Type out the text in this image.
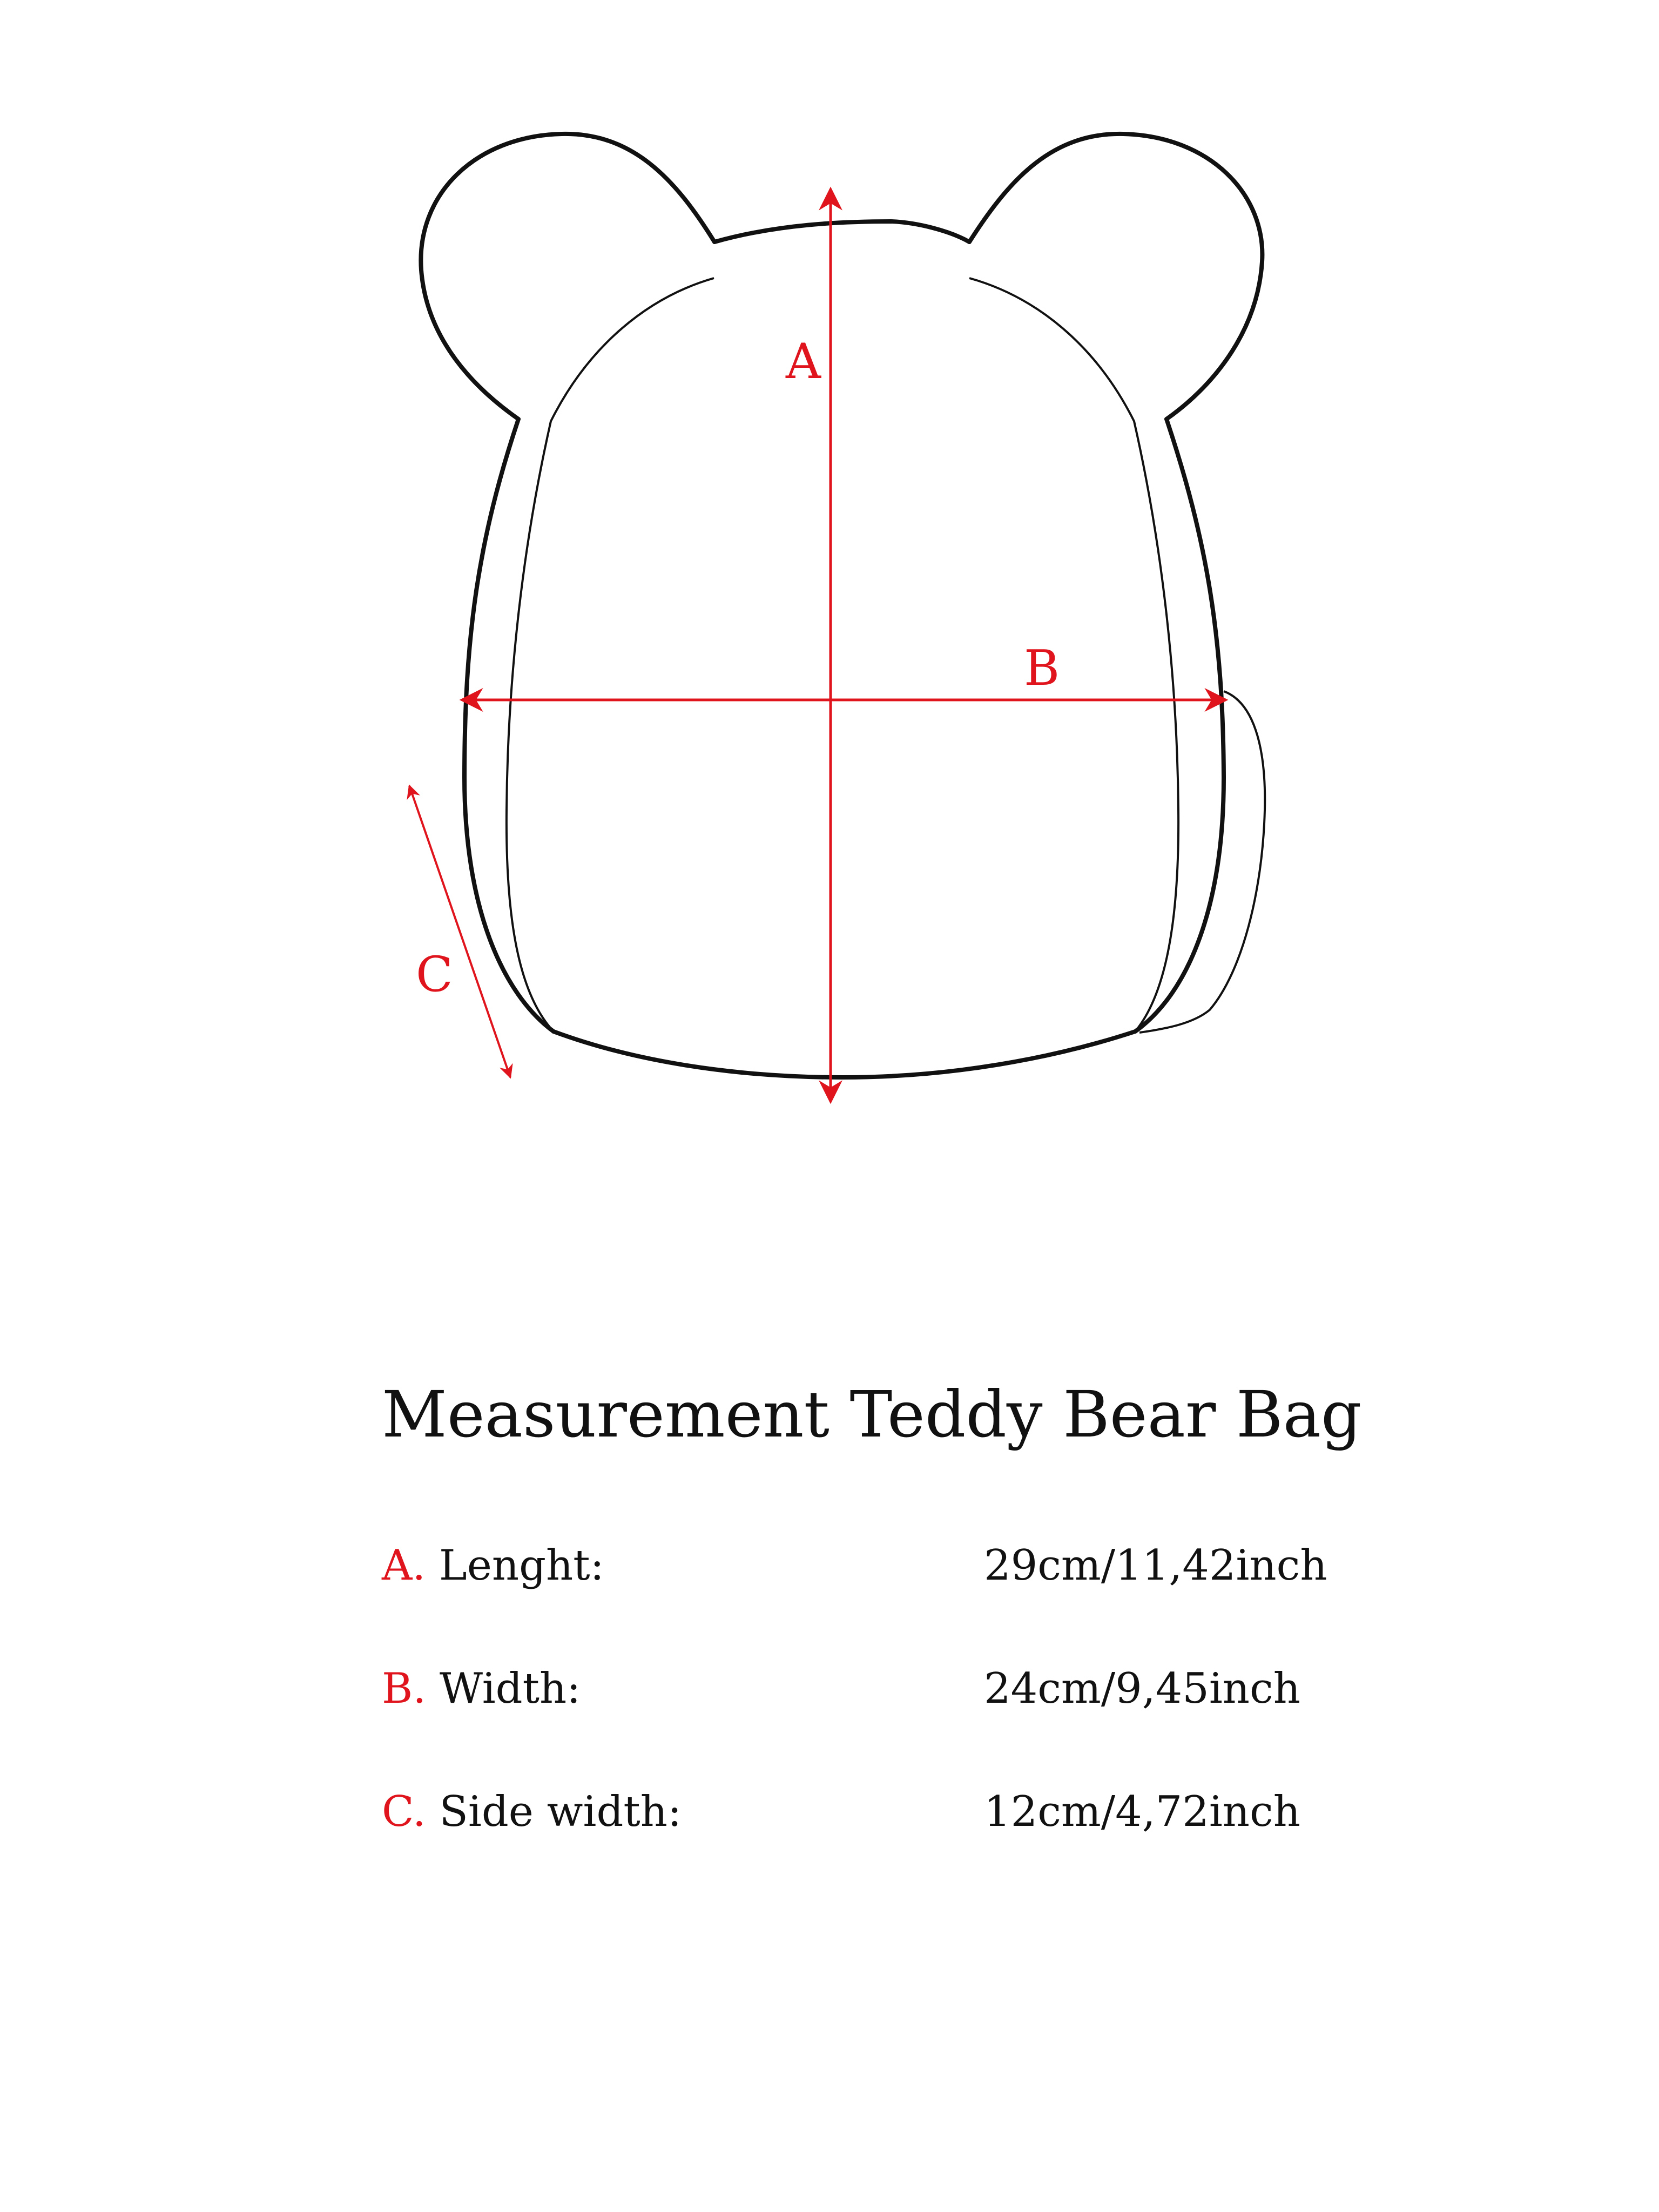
A
B
C
Measurement Teddy Bear Bag
A. Lenght:	29cm/11,42inch
B. Width:	24cm/9,45inch
C. Side width:	12cm/4,72inch
